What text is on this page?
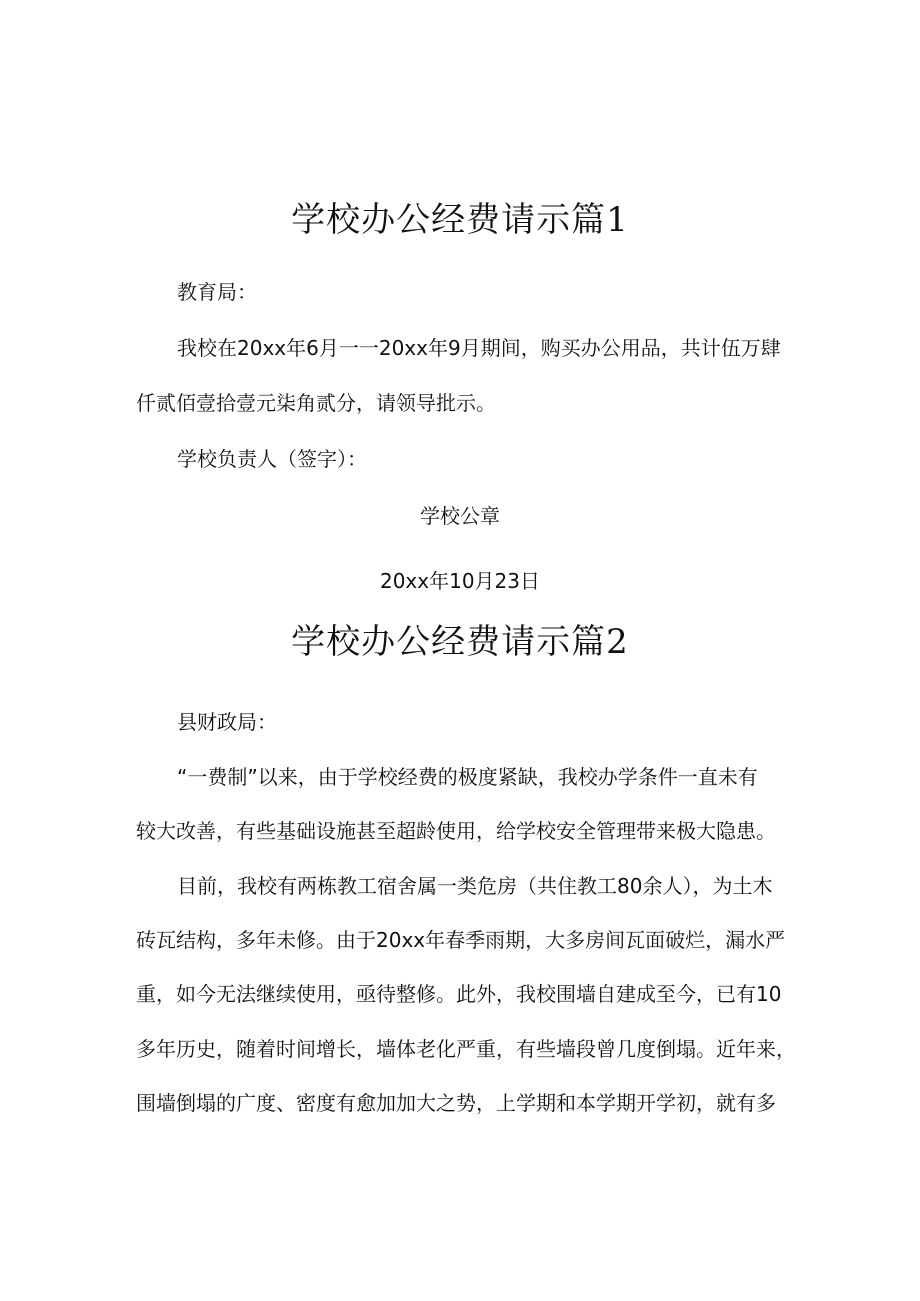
学校办公经费请示篇1

教育局：

我校在20xx年6月一一20xx年9月期间，购买办公用品，共计伍万肆

仟贰佰壹拾壹元柒角贰分，请领导批示。

学校负责人（签字）：

学校公章

20xx年10月23日

学校办公经费请示篇2

县财政局：

“一费制”以来，由于学校经费的极度紧缺，我校办学条件一直未有

较大改善，有些基础设施甚至超龄使用，给学校安全管理带来极大隐患。

目前，我校有两栋教工宿舍属一类危房（共住教工80余人），为土木

砖瓦结构，多年未修。由于20xx年春季雨期，大多房间瓦面破烂，漏水严

重，如今无法继续使用，亟待整修。此外，我校围墙自建成至今，已有10

多年历史，随着时间增长，墙体老化严重，有些墙段曾几度倒塌。近年来，

围墙倒塌的广度、密度有愈加加大之势，上学期和本学期开学初，就有多
